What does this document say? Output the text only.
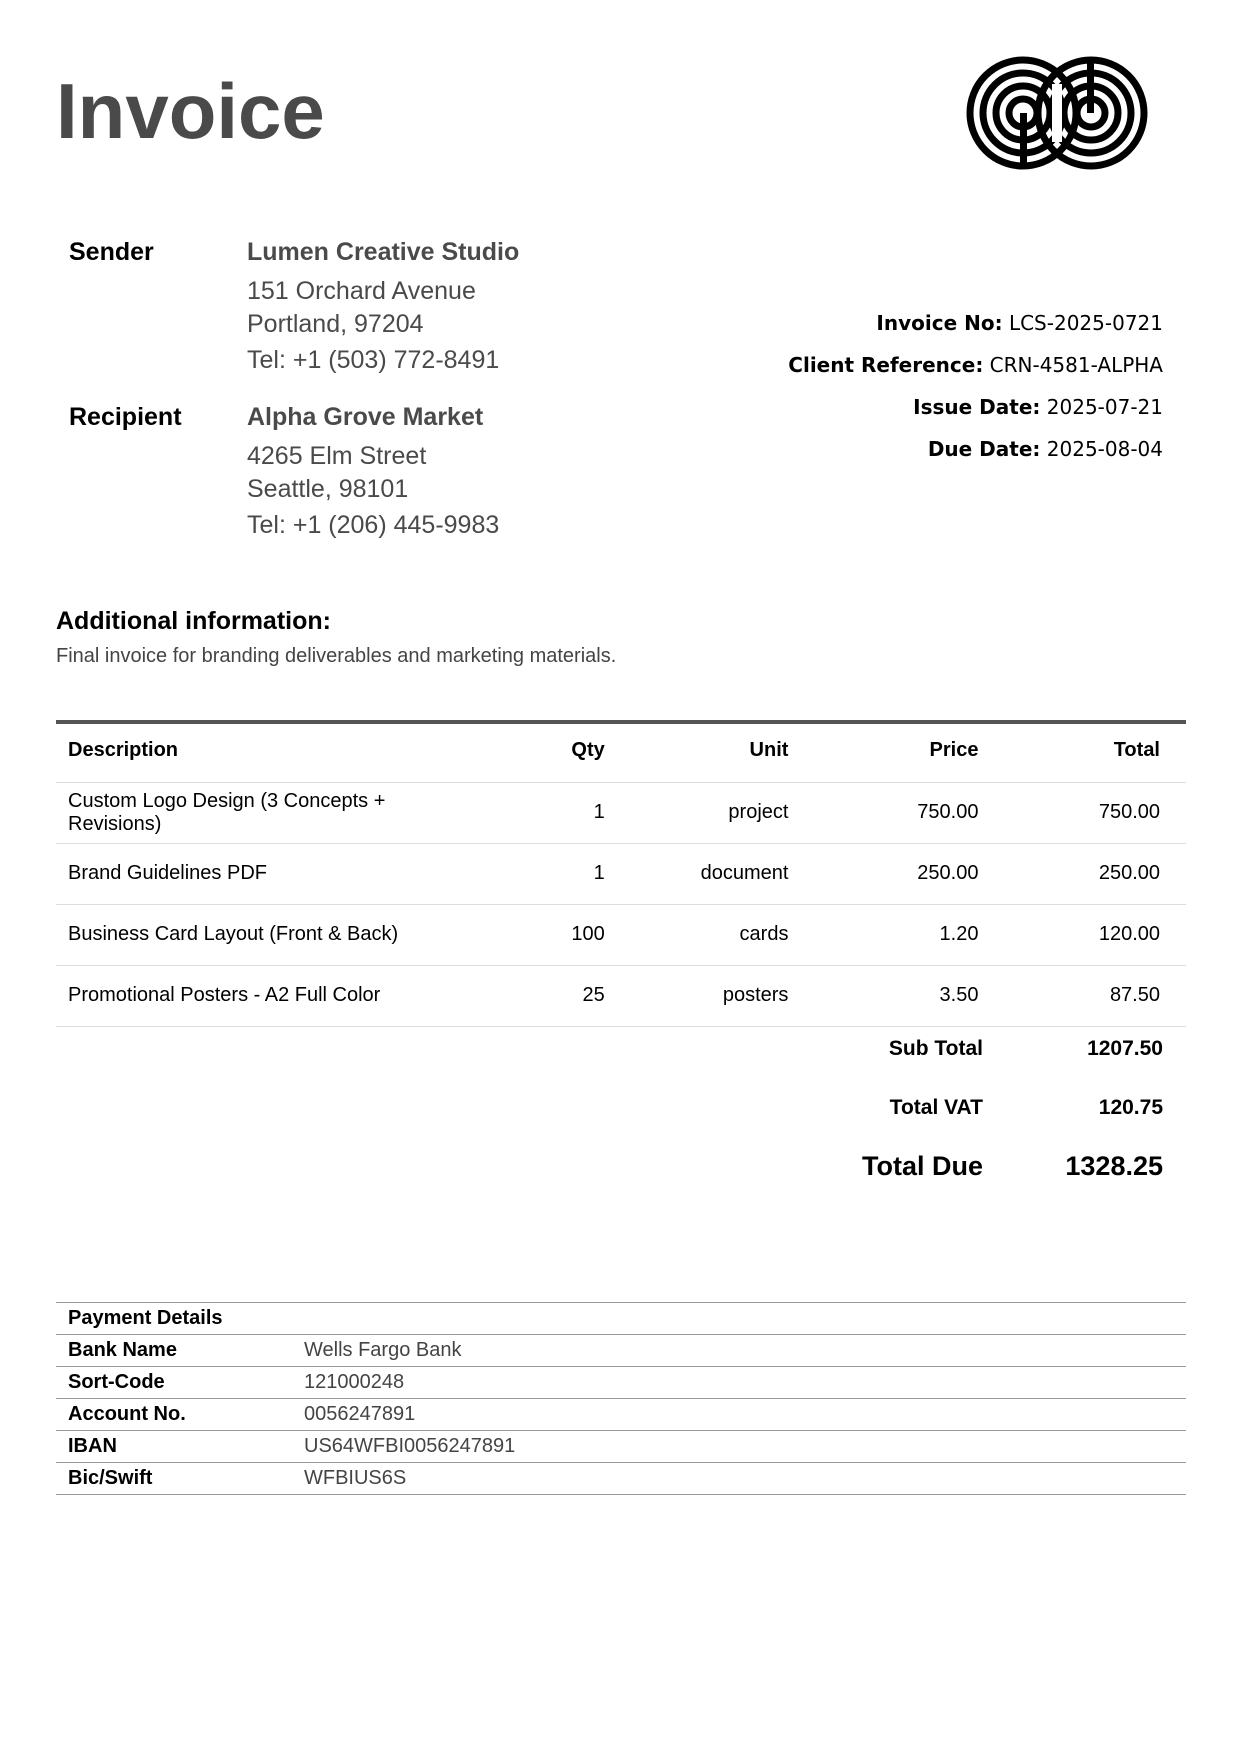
Invoice
Sender	Lumen Creative Studio
151 Orchard Avenue
Portland, 97204
Tel: +1 (503) 772-8491
Recipient	Alpha Grove Market
4265 Elm Street
Seattle, 98101
Tel: +1 (206) 445-9983
Invoice No: LCS-2025-0721
Client Reference: CRN-4581-ALPHA
Issue Date: 2025-07-21
Due Date: 2025-08-04
Additional information:
Final invoice for branding deliverables and marketing materials.
Description	Qty	Unit	Price	Total
Custom Logo Design (3 Concepts + Revisions)	1	project	750.00	750.00
Brand Guidelines PDF	1	document	250.00	250.00
Business Card Layout (Front & Back)	100	cards	1.20	120.00
Promotional Posters - A2 Full Color	25	posters	3.50	87.50
Sub Total	1207.50
Total VAT	120.75
Total Due	1328.25
Payment Details	
Bank Name	Wells Fargo Bank
Sort-Code	121000248
Account No.	0056247891
IBAN	US64WFBI0056247891
Bic/Swift	WFBIUS6S
